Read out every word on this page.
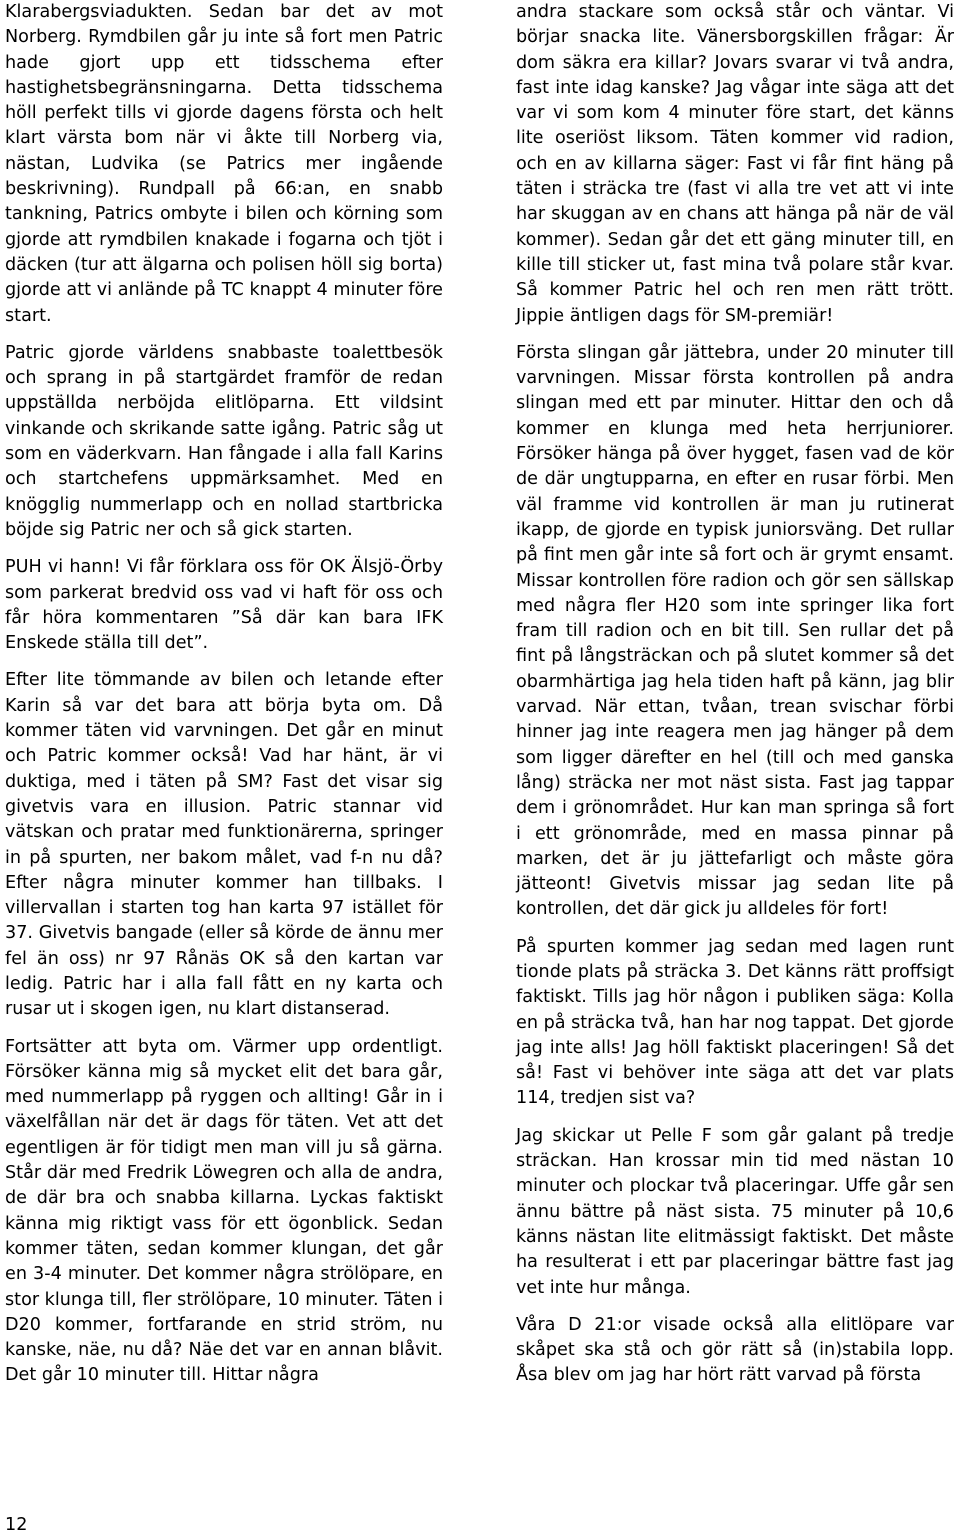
Klarabergsviadukten. Sedan bar det av mot Norberg. Rymdbilen går ju inte så fort men Patric hade gjort upp ett tidsschema efter hastighetsbegränsningarna. Detta tidsschema höll perfekt tills vi gjorde dagens första och helt klart värsta bom när vi åkte till Norberg via, nästan, Ludvika (se Patrics mer ingående beskrivning). Rundpall på 66:an, en snabb tankning, Patrics ombyte i bilen och körning som gjorde att rymdbilen knakade i fogarna och tjöt i däcken (tur att älgarna och polisen höll sig borta) gjorde att vi anlände på TC knappt 4 minuter före start.

Patric gjorde världens snabbaste toalettbesök och sprang in på startgärdet framför de redan uppställda nerböjda elitlöparna. Ett vildsint vinkande och skrikande satte igång. Patric såg ut som en väderkvarn. Han fångade i alla fall Karins och startchefens uppmärksamhet. Med en knögglig nummerlapp och en nollad startbricka böjde sig Patric ner och så gick starten.

PUH vi hann! Vi får förklara oss för OK Älsjö-Örby som parkerat bredvid oss vad vi haft för oss och får höra kommentaren ”Så där kan bara IFK Enskede ställa till det”.

Efter lite tömmande av bilen och letande efter Karin så var det bara att börja byta om. Då kommer täten vid varvningen. Det går en minut och Patric kommer också! Vad har hänt, är vi duktiga, med i täten på SM? Fast det visar sig givetvis vara en illusion. Patric stannar vid vätskan och pratar med funktionärerna, springer in på spurten, ner bakom målet, vad f-n nu då? Efter några minuter kommer han tillbaks. I villervallan i starten tog han karta 97 istället för 37. Givetvis bangade (eller så körde de ännu mer fel än oss) nr 97 Rånäs OK så den kartan var ledig. Patric har i alla fall fått en ny karta och rusar ut i skogen igen, nu klart distanserad.

Fortsätter att byta om. Värmer upp ordentligt. Försöker känna mig så mycket elit det bara går, med nummerlapp på ryggen och allting! Går in i växelfållan när det är dags för täten. Vet att det egentligen är för tidigt men man vill ju så gärna. Står där med Fredrik Löwegren och alla de andra, de där bra och snabba killarna. Lyckas faktiskt känna mig riktigt vass för ett ögonblick. Sedan kommer täten, sedan kommer klungan, det går en 3-4 minuter. Det kommer några strölöpare, en stor klunga till, fler strölöpare, 10 minuter. Täten i D20 kommer, fortfarande en strid ström, nu kanske, näe, nu då? Näe det var en annan blåvit. Det går 10 minuter till. Hittar några

andra stackare som också står och väntar. Vi börjar snacka lite. Vänersborgskillen frågar: Är dom säkra era killar? Jovars svarar vi två andra, fast inte idag kanske? Jag vågar inte säga att det var vi som kom 4 minuter före start, det känns lite oseriöst liksom. Täten kommer vid radion, och en av killarna säger: Fast vi får fint häng på täten i sträcka tre (fast vi alla tre vet att vi inte har skuggan av en chans att hänga på när de väl kommer). Sedan går det ett gäng minuter till, en kille till sticker ut, fast mina två polare står kvar. Så kommer Patric hel och ren men rätt trött. Jippie äntligen dags för SM-premiär!

Första slingan går jättebra, under 20 minuter till varvningen. Missar första kontrollen på andra slingan med ett par minuter. Hittar den och då kommer en klunga med heta herrjuniorer. Försöker hänga på över hygget, fasen vad de kör de där ungtupparna, en efter en rusar förbi. Men väl framme vid kontrollen är man ju rutinerat ikapp, de gjorde en typisk juniorsväng. Det rullar på fint men går inte så fort och är grymt ensamt. Missar kontrollen före radion och gör sen sällskap med några fler H20 som inte springer lika fort fram till radion och en bit till. Sen rullar det på fint på långsträckan och på slutet kommer så det obarmhärtiga jag hela tiden haft på känn, jag blir varvad. När ettan, tvåan, trean svischar förbi hinner jag inte reagera men jag hänger på dem som ligger därefter en hel (till och med ganska lång) sträcka ner mot näst sista. Fast jag tappar dem i grönområdet. Hur kan man springa så fort i ett grönområde, med en massa pinnar på marken, det är ju jättefarligt och måste göra jätteont! Givetvis missar jag sedan lite på kontrollen, det där gick ju alldeles för fort!

På spurten kommer jag sedan med lagen runt tionde plats på sträcka 3. Det känns rätt proffsigt faktiskt. Tills jag hör någon i publiken säga: Kolla en på sträcka två, han har nog tappat. Det gjorde jag inte alls! Jag höll faktiskt placeringen! Så det så! Fast vi behöver inte säga att det var plats 114, tredjen sist va?

Jag skickar ut Pelle F som går galant på tredje sträckan. Han krossar min tid med nästan 10 minuter och plockar två placeringar. Uffe går sen ännu bättre på näst sista. 75 minuter på 10,6 känns nästan lite elitmässigt faktiskt. Det måste ha resulterat i ett par placeringar bättre fast jag vet inte hur många.

Våra D 21:or visade också alla elitlöpare var skåpet ska stå och gör rätt så (in)stabila lopp. Åsa blev om jag har hört rätt varvad på första

12
